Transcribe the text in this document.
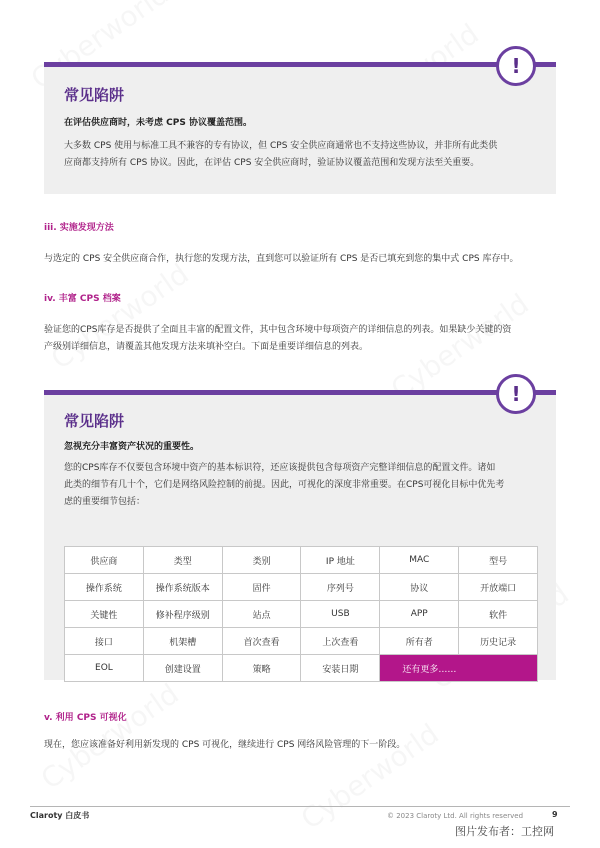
!
常见陷阱
在评估供应商时，未考虑 CPS 协议覆盖范围。
大多数 CPS 使用与标准工具不兼容的专有协议，但 CPS 安全供应商通常也不支持这些协议，并非所有此类供
应商都支持所有 CPS 协议。因此，在评估 CPS 安全供应商时，验证协议覆盖范围和发现方法至关重要。
iii. 实施发现方法
与选定的 CPS 安全供应商合作，执行您的发现方法，直到您可以验证所有 CPS 是否已填充到您的集中式 CPS 库存中。
iv. 丰富 CPS 档案
验证您的CPS库存是否提供了全面且丰富的配置文件，其中包含环境中每项资产的详细信息的列表。如果缺少关键的资
产级别详细信息，请覆盖其他发现方法来填补空白。下面是重要详细信息的列表。
!
常见陷阱
忽视充分丰富资产状况的重要性。
您的CPS库存不仅要包含环境中资产的基本标识符，还应该提供包含每项资产完整详细信息的配置文件。诸如
此类的细节有几十个，它们是网络风险控制的前提。因此，可视化的深度非常重要。在CPS可视化目标中优先考
虑的重要细节包括：
供应商	类型	类别	IP 地址	MAC	型号
操作系统	操作系统版本	固件	序列号	协议	开放端口
关键性	修补程序级别	站点	USB	APP	软件
接口	机架槽	首次查看	上次查看	所有者	历史记录
EOL	创建设置	策略	安装日期	还有更多……	
v. 利用 CPS 可视化
现在，您应该准备好利用新发现的 CPS 可视化，继续进行 CPS 网络风险管理的下一阶段。
Claroty 白皮书	© 2023 Claroty Ltd. All rights reserved	9
图片发布者：工控网
